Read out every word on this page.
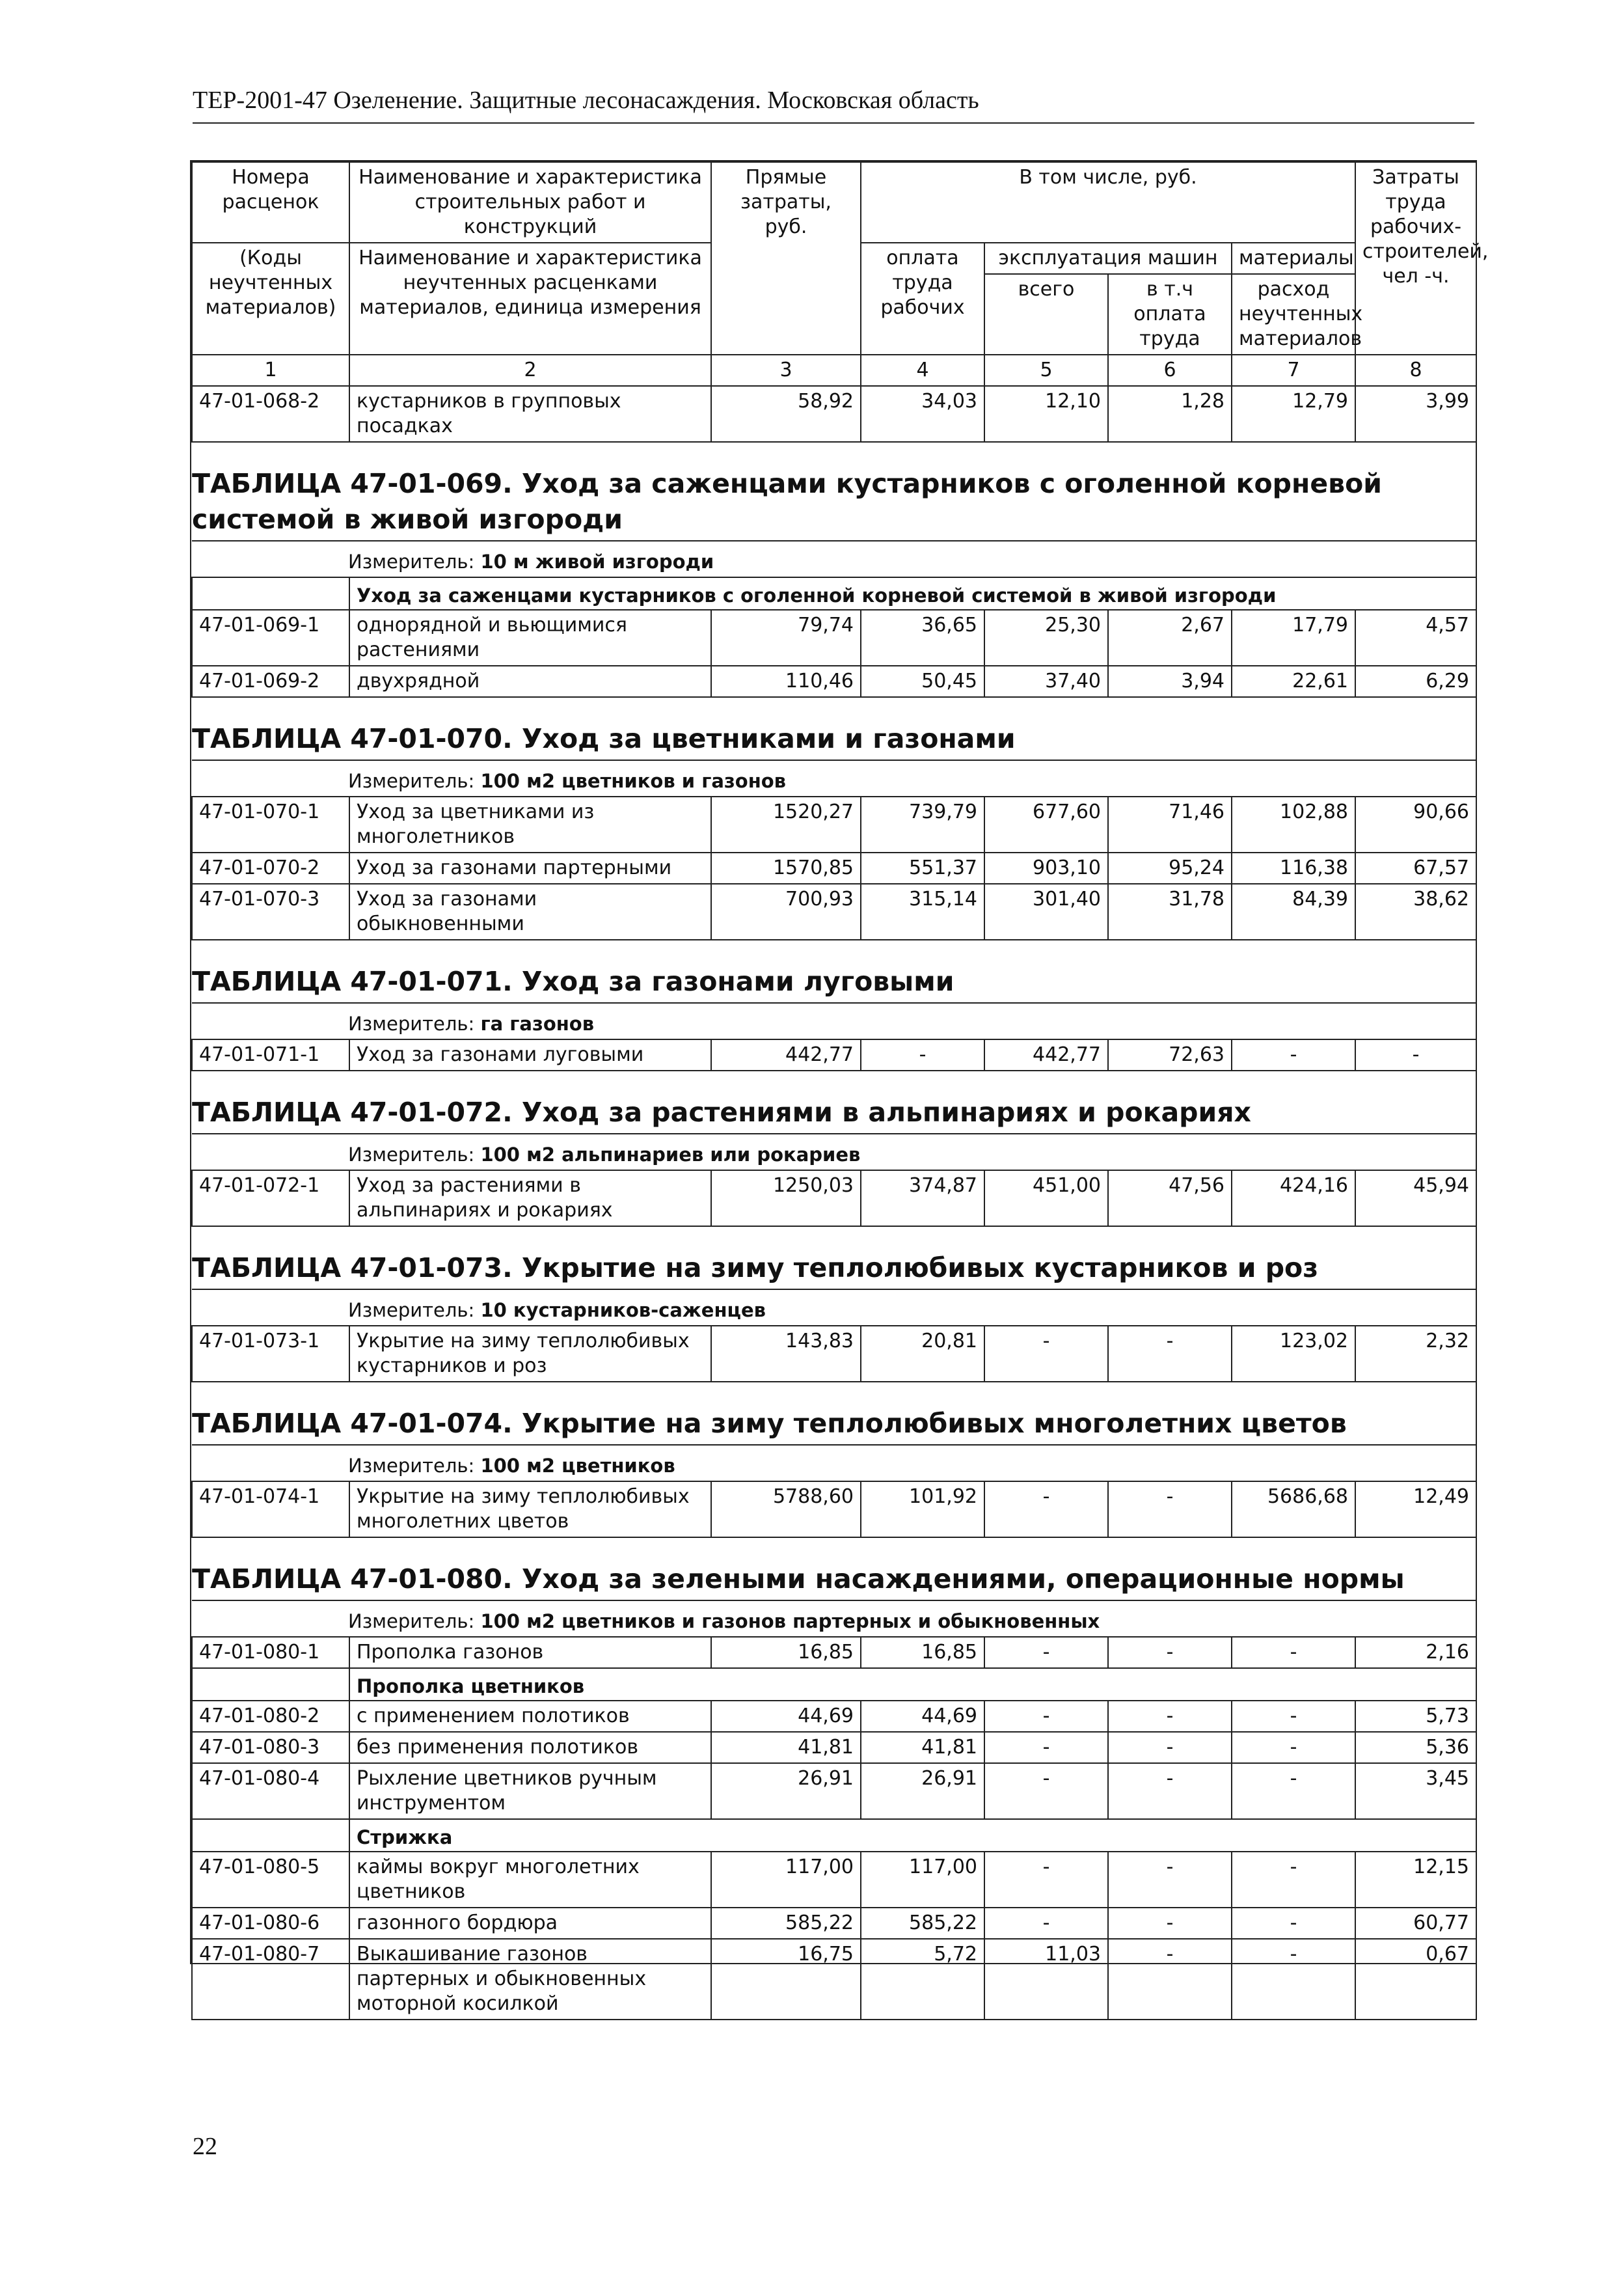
ТЕР-2001-47 Озеленение. Защитные лесонасаждения. Московская область
Номера расценок	Наименование и характеристика строительных работ и конструкций	Прямые затраты, руб.	В том числе, руб.				Затраты труда рабочих-строителей, чел -ч.
(Коды неучтенных материалов)	Наименование и характеристика неучтенных расценками материалов, единица измерения		оплата труда рабочих	эксплуатация машин		материалы	
				всего	в т.ч оплата труда	расход неучтенных материалов	

1	2	3	4	5	6	7	8
47-01-068-2	кустарников в групповых посадках	58,92	34,03	12,10	1,28	12,79	3,99
ТАБЛИЦА 47-01-069. Уход за саженцами кустарников с оголенной корневой системой в живой изгороди							
Измеритель: 10 м живой изгороди							
	Уход за саженцами кустарников с оголенной корневой системой в живой изгороди						
47-01-069-1	однорядной и вьющимися растениями	79,74	36,65	25,30	2,67	17,79	4,57
47-01-069-2	двухрядной	110,46	50,45	37,40	3,94	22,61	6,29
ТАБЛИЦА 47-01-070. Уход за цветниками и газонами							
Измеритель: 100 м2 цветников и газонов							
47-01-070-1	Уход за цветниками из многолетников	1520,27	739,79	677,60	71,46	102,88	90,66
47-01-070-2	Уход за газонами партерными	1570,85	551,37	903,10	95,24	116,38	67,57
47-01-070-3	Уход за газонами обыкновенными	700,93	315,14	301,40	31,78	84,39	38,62
ТАБЛИЦА 47-01-071. Уход за газонами луговыми							
Измеритель: га газонов							
47-01-071-1	Уход за газонами луговыми	442,77	-	442,77	72,63	-	-
ТАБЛИЦА 47-01-072. Уход за растениями в альпинариях и рокариях							
Измеритель: 100 м2 альпинариев или рокариев							
47-01-072-1	Уход за растениями в альпинариях и рокариях	1250,03	374,87	451,00	47,56	424,16	45,94
ТАБЛИЦА 47-01-073. Укрытие на зиму теплолюбивых кустарников и роз							
Измеритель: 10 кустарников-саженцев							
47-01-073-1	Укрытие на зиму теплолюбивых кустарников и роз	143,83	20,81	-	-	123,02	2,32
ТАБЛИЦА 47-01-074. Укрытие на зиму теплолюбивых многолетних цветов							
Измеритель: 100 м2 цветников							
47-01-074-1	Укрытие на зиму теплолюбивых многолетних цветов	5788,60	101,92	-	-	5686,68	12,49
ТАБЛИЦА 47-01-080. Уход за зелеными насаждениями, операционные нормы							
Измеритель: 100 м2 цветников и газонов партерных и обыкновенных							
47-01-080-1	Прополка газонов	16,85	16,85	-	-	-	2,16
	Прополка цветников						
47-01-080-2	с применением полотиков	44,69	44,69	-	-	-	5,73
47-01-080-3	без применения полотиков	41,81	41,81	-	-	-	5,36
47-01-080-4	Рыхление цветников ручным инструментом	26,91	26,91	-	-	-	3,45
	Стрижка						
47-01-080-5	каймы вокруг многолетних цветников	117,00	117,00	-	-	-	12,15
47-01-080-6	газонного бордюра	585,22	585,22	-	-	-	60,77
47-01-080-7	Выкашивание газонов партерных и обыкновенных моторной косилкой	16,75	5,72	11,03	-	-	0,67
22
